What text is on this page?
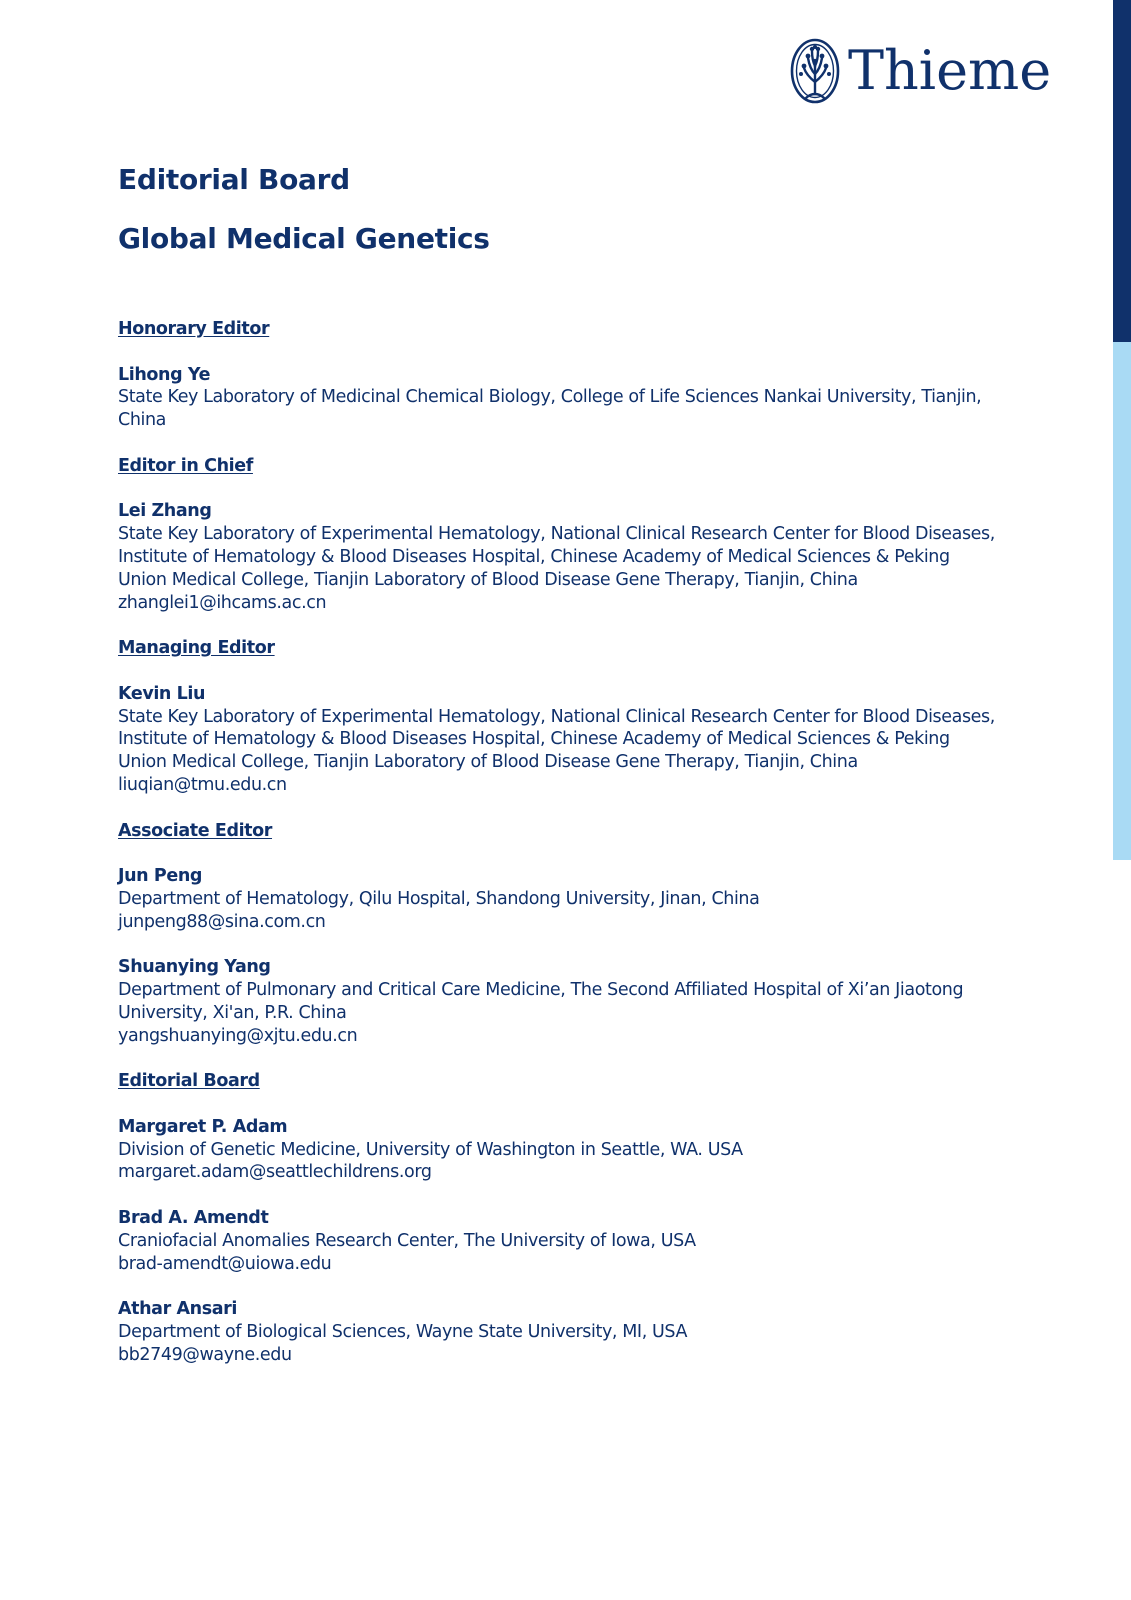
Thieme
Editorial Board
Global Medical Genetics

Honorary Editor

Lihong Ye
State Key Laboratory of Medicinal Chemical Biology, College of Life Sciences Nankai University, Tianjin, China

Editor in Chief

Lei Zhang
State Key Laboratory of Experimental Hematology, National Clinical Research Center for Blood Diseases, Institute of Hematology & Blood Diseases Hospital, Chinese Academy of Medical Sciences & Peking Union Medical College, Tianjin Laboratory of Blood Disease Gene Therapy, Tianjin, China
zhanglei1@ihcams.ac.cn

Managing Editor

Kevin Liu
State Key Laboratory of Experimental Hematology, National Clinical Research Center for Blood Diseases, Institute of Hematology & Blood Diseases Hospital, Chinese Academy of Medical Sciences & Peking Union Medical College, Tianjin Laboratory of Blood Disease Gene Therapy, Tianjin, China
liuqian@tmu.edu.cn

Associate Editor

Jun Peng
Department of Hematology, Qilu Hospital, Shandong University, Jinan, China
junpeng88@sina.com.cn
Shuanying Yang
Department of Pulmonary and Critical Care Medicine, The Second Affiliated Hospital of Xi’an Jiaotong University, Xi'an, P.R. China
yangshuanying@xjtu.edu.cn

Editorial Board

Margaret P. Adam
Division of Genetic Medicine, University of Washington in Seattle, WA. USA
margaret.adam@seattlechildrens.org
Brad A. Amendt
Craniofacial Anomalies Research Center, The University of Iowa, USA
brad-amendt@uiowa.edu
Athar Ansari
Department of Biological Sciences, Wayne State University, MI, USA
bb2749@wayne.edu
